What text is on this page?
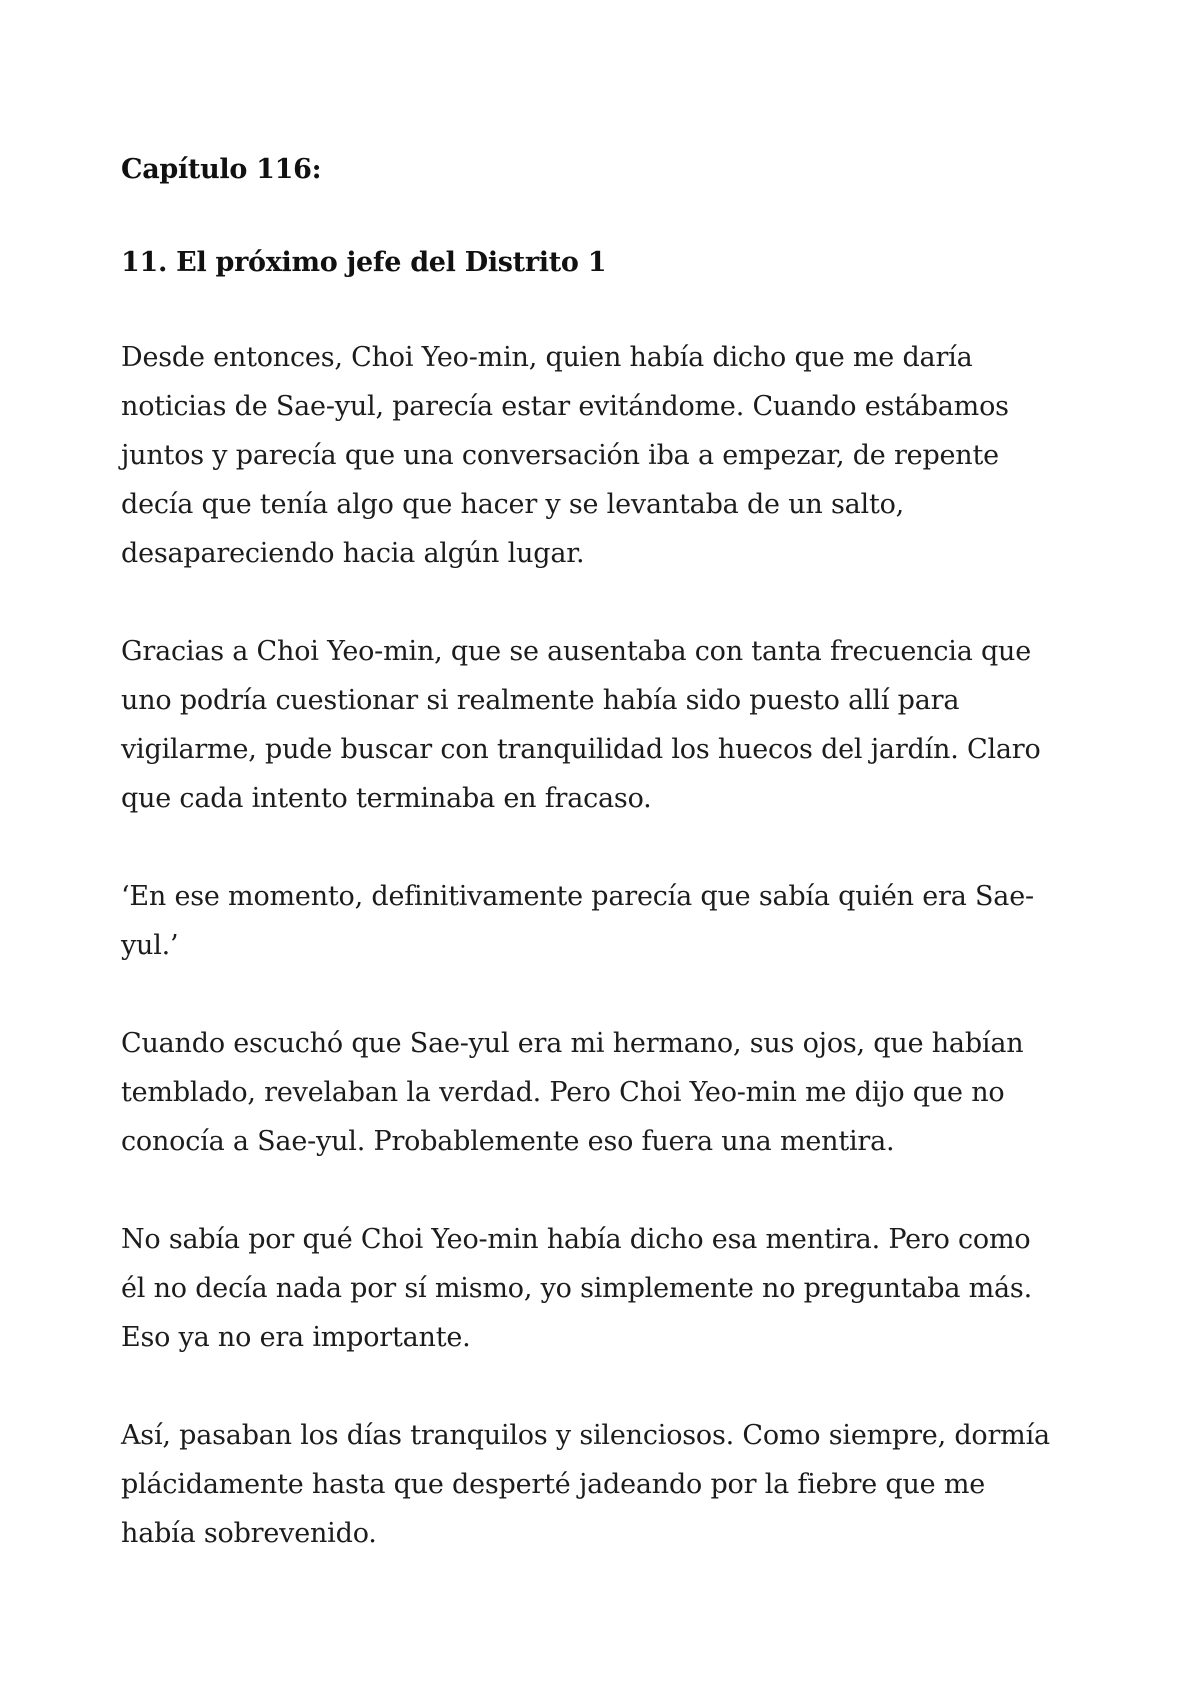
Capítulo 116:
11. El próximo jefe del Distrito 1

Desde entonces, Choi Yeo-min, quien había dicho que me daría
noticias de Sae-yul, parecía estar evitándome. Cuando estábamos
juntos y parecía que una conversación iba a empezar, de repente
decía que tenía algo que hacer y se levantaba de un salto,
desapareciendo hacia algún lugar.

Gracias a Choi Yeo-min, que se ausentaba con tanta frecuencia que
uno podría cuestionar si realmente había sido puesto allí para
vigilarme, pude buscar con tranquilidad los huecos del jardín. Claro
que cada intento terminaba en fracaso.

‘En ese momento, definitivamente parecía que sabía quién era Sae-
yul.’

Cuando escuchó que Sae-yul era mi hermano, sus ojos, que habían
temblado, revelaban la verdad. Pero Choi Yeo-min me dijo que no
conocía a Sae-yul. Probablemente eso fuera una mentira.

No sabía por qué Choi Yeo-min había dicho esa mentira. Pero como
él no decía nada por sí mismo, yo simplemente no preguntaba más.
Eso ya no era importante.

Así, pasaban los días tranquilos y silenciosos. Como siempre, dormía
plácidamente hasta que desperté jadeando por la fiebre que me
había sobrevenido.
